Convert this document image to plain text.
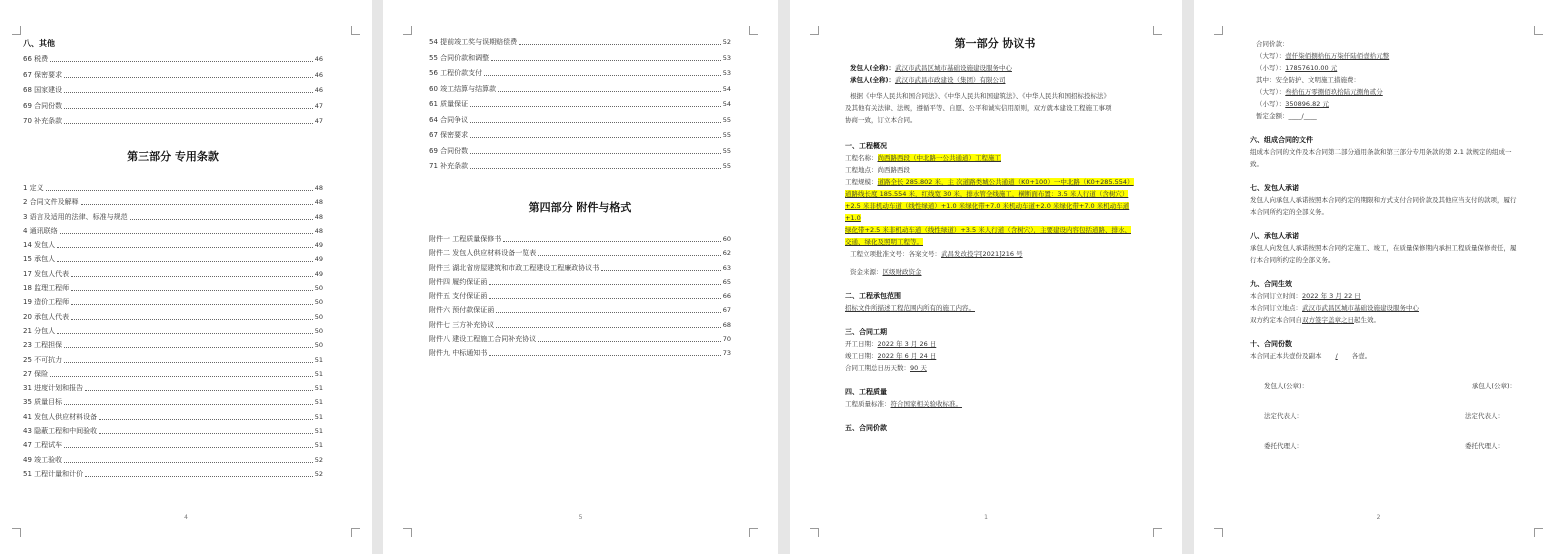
八、其他
66 税费	46
67 保密要求	46
68 国家建设	46
69 合同份数	47
70 补充条款	47
第三部分 专用条款
1 定义	48
2 合同文件及解释	48
3 语言及适用的法律、标准与规范	48
4 通讯联络	48
14 发包人	49
15 承包人	49
17 发包人代表	49
18 监理工程师	50
19 造价工程师	50
20 承包人代表	50
21 分包人	50
23 工程担保	50
25 不可抗力	51
27 保险	51
31 进度计划和报告	51
35 质量目标	51
41 发包人供应材料设备	51
43 隐蔽工程和中间验收	51
47 工程试车	51
49 竣工验收	52
51 工程计量和计价	52
4
54 提前竣工奖与误期赔偿费	52
55 合同价款和调整	53
56 工程价款支付	53
60 竣工结算与结算款	54
61 质量保证	54
64 合同争议	55
67 保密要求	55
69 合同份数	55
71 补充条款	55
第四部分 附件与格式
附件一 工程质量保修书	60
附件二 发包人供应材料设备一览表	62
附件三 湖北省房屋建筑和市政工程建设工程廉政协议书	63
附件四 履约保证函	65
附件五 支付保证函	66
附件六 预付款保证函	67
附件七 三方补充协议	68
附件八 建设工程施工合同补充协议	70
附件九 中标通知书	73
5
第一部分 协议书
发包人(全称)：武汉市武昌区城市基础设施建设服务中心
承包人(全称)：武汉市武昌市政建设（集团）有限公司
根据《中华人民共和国合同法》、《中华人民共和国建筑法》、《中华人民共和国招标投标法》
及其他有关法律、法规，遵循平等、自愿、公平和诚实信用原则，双方就本建设工程施工事项
协商一致，订立本合同。
一、工程概况
工程名称：尚西路西段（中北路一公共通道）工程施工
工程地点：尚西路西段
工程规模：道路全长 285.802 米，主 次道路类城公共通道（K0+100）一中北路（K0+285.554）
道路线长度 185.554 米，红线宽 30 米，排水管全线施工，横断面布置：3.5 米人行道（含树穴）
+2.5 米非机动车道（线性绿道）+1.0 米绿化带+7.0 米机动车道+2.0 米绿化带+7.0 米机动车道+1.0
绿化带+2.5 米非机动车道（线性绿道）+3.5 米人行道（含树穴），主要建设内容包括道路、排水、
交通、绿化及照明工程等。
工程立项批准文号：各案文号：武昌发改投字[2021]216 号
资金来源：区级财政资金
二、工程承包范围
招标文件所描述工程范围内所有的施工内容。
三、合同工期
开工日期：2022 年 3 月 26 日
竣工日期：2022 年 6 月 24 日
合同工期总日历天数：90 天
四、工程质量
工程质量标准：符合国家相关验收标准。
五、合同价款
1
合同价款：
（大写）：壹仟柒佰捌拾伍万柒仟陆佰壹拾元整
（小写）：17857610.00 元
其中：安全防护、文明施工措施费：
（大写）：叁拾伍万零捌佰玖拾陆元捌角贰分
（小写）：350896.82 元
暂定金额：____/____
六、组成合同的文件
组成本合同的文件及本合同第二部分通用条款和第三部分专用条款的第 2.1 款规定的组成一
致。
七、发包人承诺
发包人向承包人承诺按照本合同约定的期限和方式支付合同价款及其他应当支付的款项，履行
本合同所约定的全部义务。
八、承包人承诺
承包人向发包人承诺按照本合同约定施工、竣工，在质量保修期内承担工程质量保修责任，履
行本合同所约定的全部义务。
九、合同生效
本合同订立时间：2022 年 3 月 22 日
本合同订立地点：武汉市武昌区城市基础设施建设服务中心
双方约定本合同自双方签字盖章之日起生效。
十、合同份数
本合同正本共壹份及副本 / 各壹。
发包人(公章)：	承包人(公章)：
法定代表人：	法定代表人：
委托代理人：	委托代理人：
2
